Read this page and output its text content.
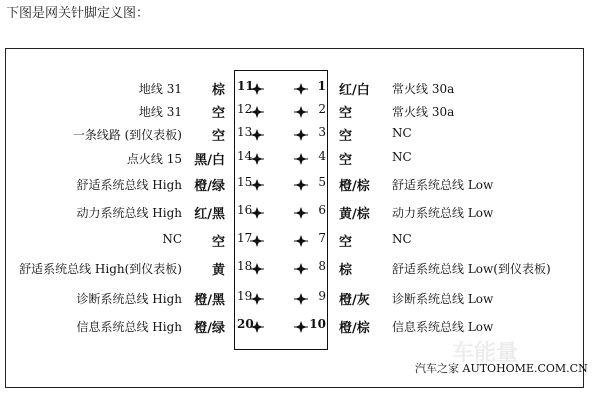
下图是网关针脚定义图：
地线 31 棕 11	1 红/白 常火线 30a
地线 31 空 12	2 空	常火线 30a
一条线路 (到仪表板) 空 13	3 空	NC
点火线 15 黑/白 14	4 空	NC
舒适系统总线 High 橙/绿 15	5 橙/棕 舒适系统总线 Low
动力系统总线 High 红/黑 16	6 黄/棕 动力系统总线 Low
NC 空 17	7 空	NC
舒适系统总线 High(到仪表板) 黄 18	8 棕	舒适系统总线 Low(到仪表板)
诊断系统总线 High 橙/黑 19	9 橙/灰 诊断系统总线 Low
信息系统总线 High 橙/绿 20	10 橙/棕 信息系统总线 Low
车能量
汽车之家 AUTOHOME.COM.CN
